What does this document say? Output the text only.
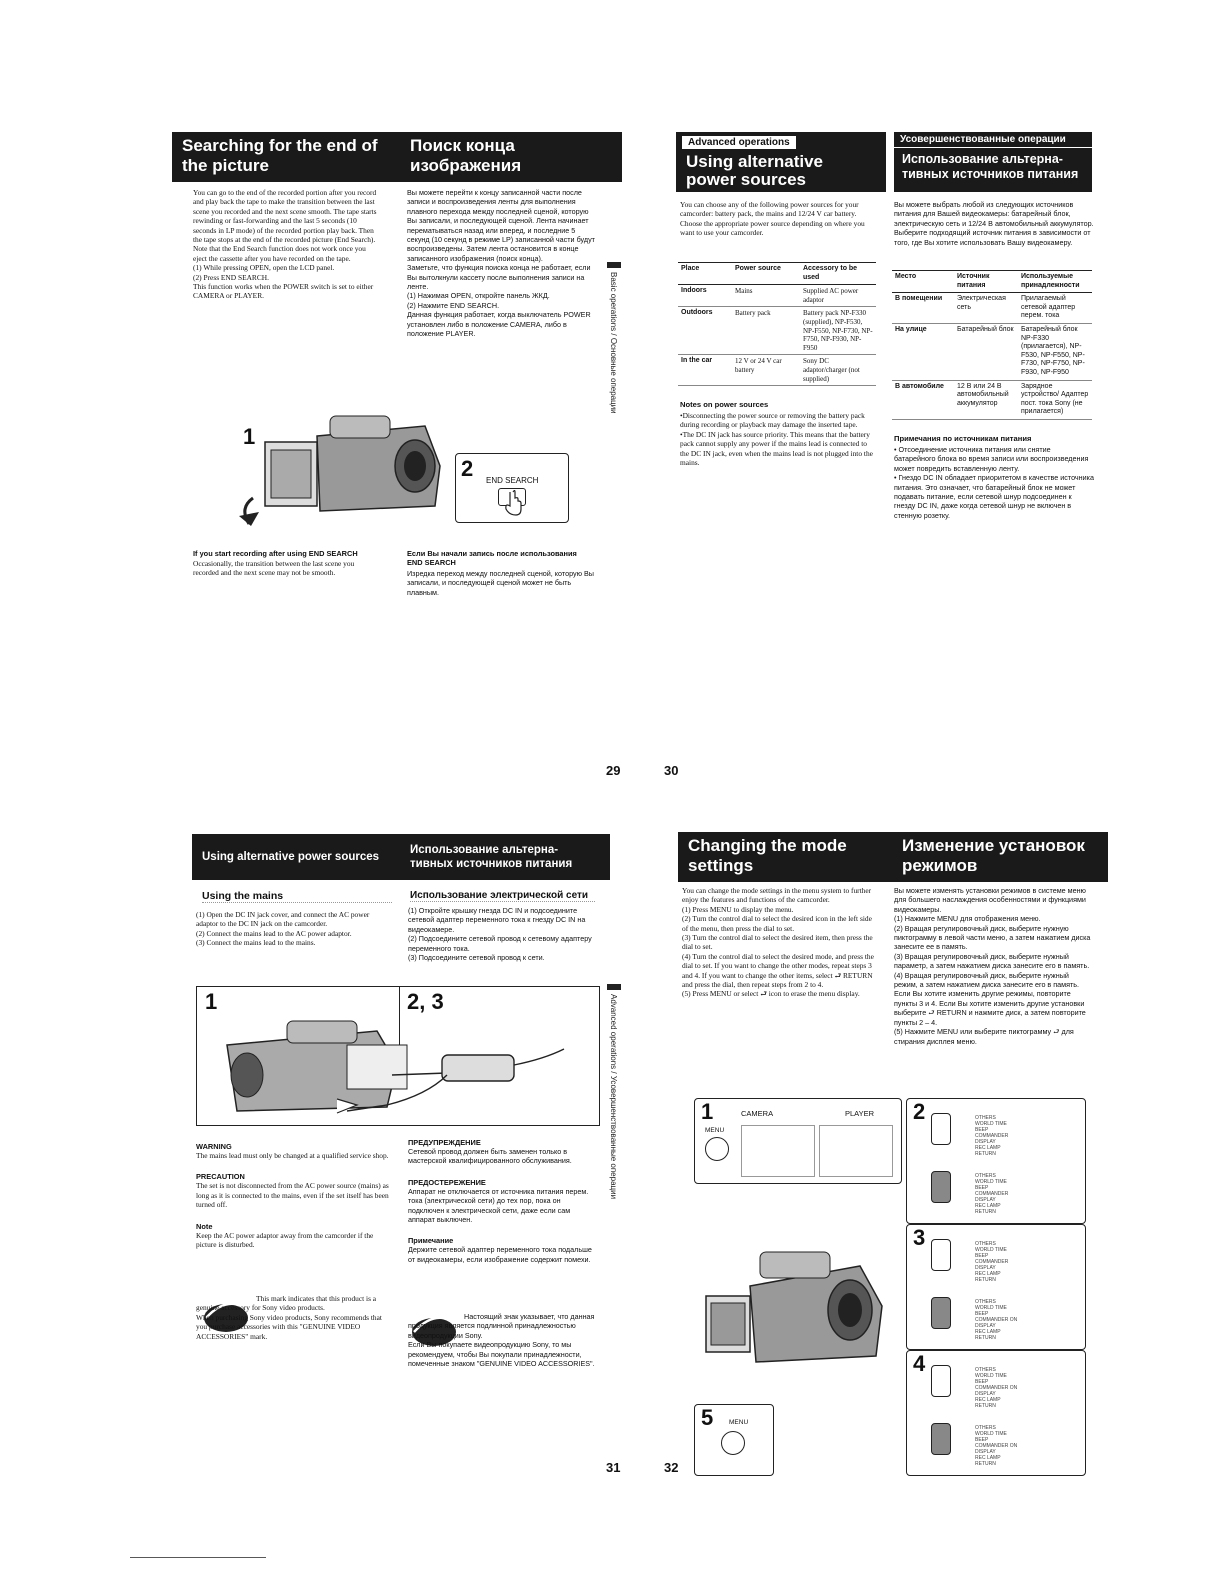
Searching for the end of the picture
Поиск конца изображения
You can go to the end of the recorded portion after you record and play back the tape to make the transition between the last scene you recorded and the next scene smooth. The tape starts rewinding or fast-forwarding and the last 5 seconds (10 seconds in LP mode) of the recorded portion play back. Then the tape stops at the end of the recorded picture (End Search).
Note that the End Search function does not work once you eject the cassette after you have recorded on the tape.
(1) While pressing OPEN, open the LCD panel.
(2) Press END SEARCH.
This function works when the POWER switch is set to either CAMERA or PLAYER.
Вы можете перейти к концу записанной части после записи и воспроизведения ленты для выполнения плавного перехода между последней сценой, которую Вы записали, и последующей сценой. Лента начинает перематываться назад или вперед, и последние 5 секунд (10 секунд в режиме LP) записанной части будут воспроизведены. Затем лента остановится в конце записанного изображения (поиск конца).
Заметьте, что функция поиска конца не работает, если Вы вытолкнули кассету после выполнения записи на ленте.
(1) Нажимая OPEN, откройте панель ЖКД.
(2) Нажмите END SEARCH.
Данная функция работает, когда выключатель POWER установлен либо в положение CAMERA, либо в положение PLAYER.	Basic operations / Основные операции
1
2 END SEARCH
If you start recording after using END SEARCH
Occasionally, the transition between the last scene you recorded and the next scene may not be smooth.
Если Вы начали запись после использования END SEARCH
Изредка переход между последней сценой, которую Вы записали, и последующей сценой может не быть плавным.
29
Advanced operations
Using alternative power sources
Усовершенствованные операции
Использование альтерна-тивных источников питания
You can choose any of the following power sources for your camcorder: battery pack, the mains and 12/24 V car battery. Choose the appropriate power source depending on where you want to use your camcorder.
Вы можете выбрать любой из следующих источников питания для Вашей видеокамеры: батарейный блок, электрическую сеть и 12/24 В автомобильный аккумулятор. Выберите подходящий источник питания в зависимости от того, где Вы хотите использовать Вашу видеокамеру.
Place	Power source	Accessory to be used
Indoors	Mains	Supplied AC power adaptor
Outdoors	Battery pack	Battery pack NP-F330 (supplied), NP-F530, NP-F550, NP-F730, NP-F750, NP-F930, NP-F950
In the car	12 V or 24 V car battery	Sony DC adaptor/charger (not supplied)
Место	Источник питания	Используемые принадлежности
В помещении	Электрическая сеть	Прилагаемый сетевой адаптер перем. тока
На улице	Батарейный блок	Батарейный блок NP-F330 (прилагается), NP-F530, NP-F550, NP-F730, NP-F750, NP-F930, NP-F950
В автомобиле	12 В или 24 В автомобильный аккумулятор	Зарядное устройство/ Адаптер пост. тока Sony (не прилагается)
Notes on power sources
•Disconnecting the power source or removing the battery pack during recording or playback may damage the inserted tape.
•The DC IN jack has source priority. This means that the battery pack cannot supply any power if the mains lead is connected to the DC IN jack, even when the mains lead is not plugged into the mains.
Примечания по источникам питания
• Отсоединение источника питания или снятие батарейного блока во время записи или воспроизведения может повредить вставленную ленту.
• Гнездо DC IN обладает приоритетом в качестве источника питания. Это означает, что батарейный блок не может подавать питание, если сетевой шнур подсоединен к гнезду DC IN, даже когда сетевой шнур не включен в стенную розетку.
30
Using alternative power sources
Использование альтерна-тивных источников питания
Using the mains	Использование электрической сети
(1) Open the DC IN jack cover, and connect the AC power adaptor to the DC IN jack on the camcorder.
(2) Connect the mains lead to the AC power adaptor.
(3) Connect the mains lead to the mains.
(1) Откройте крышку гнезда DC IN и подсоедините сетевой адаптер переменного тока к гнезду DC IN на видеокамере.
(2) Подсоедините сетевой провод к сетевому адаптеру переменного тока.
(3) Подсоедините сетевой провод к сети.
1	2, 3	Advanced operations / Усовершенствованные операции
WARNING
The mains lead must only be changed at a qualified service shop.
PRECAUTION
The set is not disconnected from the AC power source (mains) as long as it is connected to the mains, even if the set itself has been turned off.
Note
Keep the AC power adaptor away from the camcorder if the picture is disturbed.
This mark indicates that this product is a genuine accessory for Sony video products.
When purchasing Sony video products, Sony recommends that you purchase accessories with this "GENUINE VIDEO ACCESSORIES" mark.
ПРЕДУПРЕЖДЕНИЕ
Сетевой провод должен быть заменен только в мастерской квалифицированного обслуживания.
ПРЕДОСТЕРЕЖЕНИЕ
Аппарат не отключается от источника питания перем. тока (электрической сети) до тех пор, пока он подключен к электрической сети, даже если сам аппарат выключен.
Примечание
Держите сетевой адаптер переменного тока подальше от видеокамеры, если изображение содержит помехи.
Настоящий знак указывает, что данная продукция является подлинной принадлежностью видеопродукции Sony.
Если Вы покупаете видеопродукцию Sony, то мы рекомендуем, чтобы Вы покупали принадлежности, помеченные знаком "GENUINE VIDEO ACCESSORIES".
31
Changing the mode settings
Изменение установок режимов
You can change the mode settings in the menu system to further enjoy the features and functions of the camcorder.
(1) Press MENU to display the menu.
(2) Turn the control dial to select the desired icon in the left side of the menu, then press the dial to set.
(3) Turn the control dial to select the desired item, then press the dial to set.
(4) Turn the control dial to select the desired mode, and press the dial to set. If you want to change the other modes, repeat steps 3 and 4. If you want to change the other items, select ⮐ RETURN and press the dial, then repeat steps from 2 to 4.
(5) Press MENU or select ⮐ icon to erase the menu display.
Вы можете изменять установки режимов в системе меню для большего наслаждения особенностями и функциями видеокамеры.
(1) Нажмите MENU для отображения меню.
(2) Вращая регулировочный диск, выберите нужную пиктограмму в левой части меню, а затем нажатием диска занесите ее в память.
(3) Вращая регулировочный диск, выберите нужный параметр, а затем нажатием диска занесите его в память.
(4) Вращая регулировочный диск, выберите нужный режим, а затем нажатием диска занесите его в память. Если Вы хотите изменить другие режимы, повторите пункты 3 и 4. Если Вы хотите изменить другие установки выберите ⮐ RETURN и нажмите диск, а затем повторите пункты 2 – 4.
(5) Нажмите MENU или выберите пиктограмму ⮐ для стирания дисплея меню.
1
MENU
CAMERA	PLAYER 2	OTHERS
WORLD TIME
BEEP
COMMANDER
DISPLAY
REC LAMP
RETURN
OTHERS
WORLD TIME
BEEP
COMMANDER
DISPLAY
REC LAMP
RETURN
3	OTHERS
WORLD TIME
BEEP
COMMANDER
DISPLAY
REC LAMP
RETURN
OTHERS
WORLD TIME
BEEP
COMMANDER ON
DISPLAY
REC LAMP
RETURN
4	OTHERS
WORLD TIME
BEEP
COMMANDER ON
DISPLAY
REC LAMP
RETURN
OTHERS
WORLD TIME
BEEP
COMMANDER ON
DISPLAY
REC LAMP
RETURN
5 MENU
32
